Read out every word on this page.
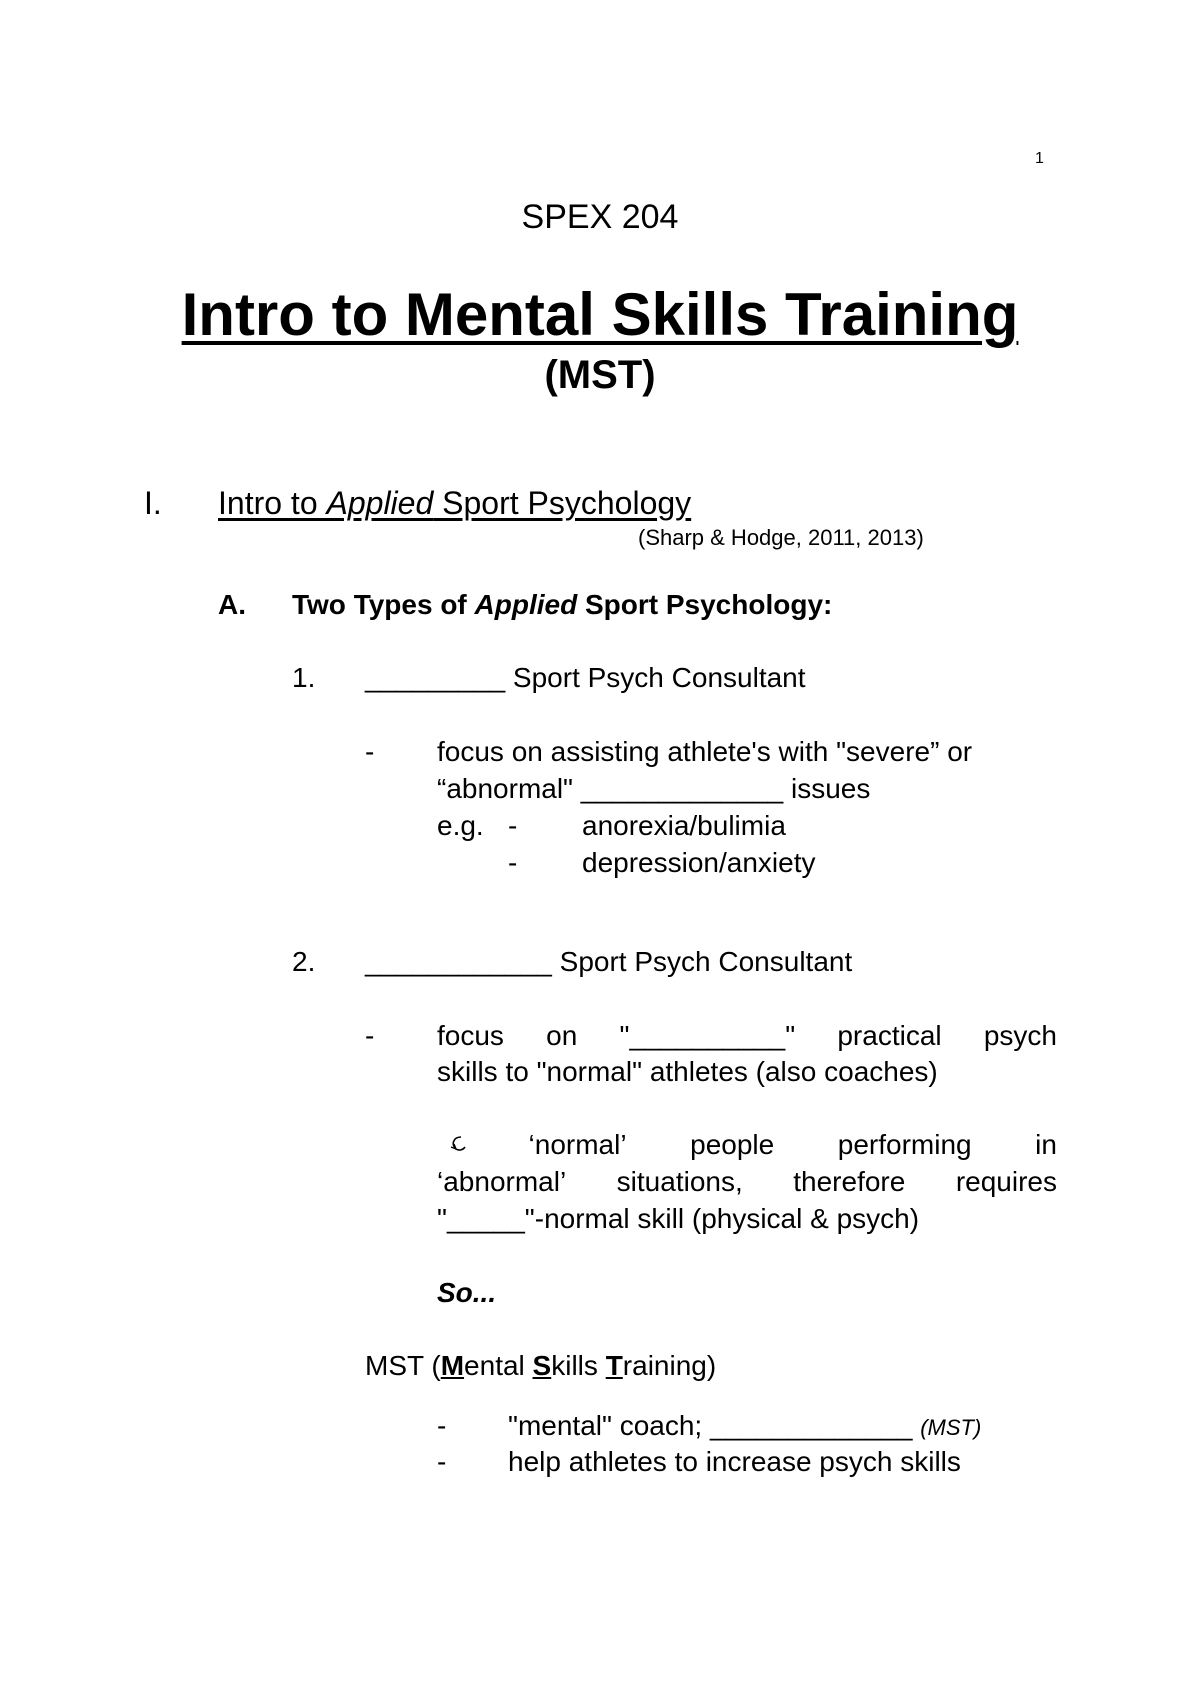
1
SPEX 204
Intro to Mental Skills Training
(MST)
I. Intro to Applied Sport Psychology
(Sharp & Hodge, 2011, 2013)
A. Two Types of Applied Sport Psychology:
1. _________ Sport Psych Consultant
- focus on assisting athlete's with "severe” or
“abnormal" _____________ issues
e.g. - anorexia/bulimia
- depression/anxiety
2. ____________ Sport Psych Consultant
- focus on "__________" practical psych
skills to "normal" athletes (also coaches)
‘normal’ people performing in
‘abnormal’ situations, therefore requires
"_____"-normal skill (physical & psych)
So...
MST (Mental Skills Training)
- "mental" coach; _____________ (MST)
- help athletes to increase psych skills
